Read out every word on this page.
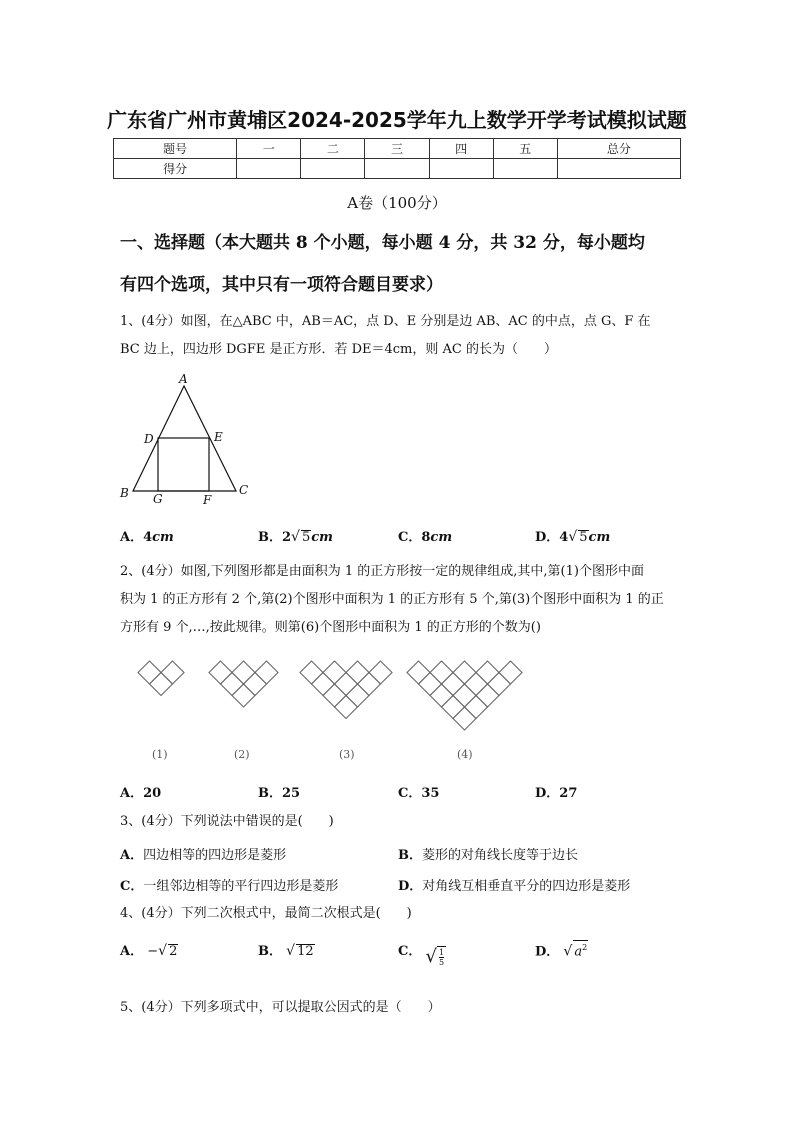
广东省广州市黄埔区2024-2025学年九上数学开学考试模拟试题
题号	一	二	三	四	五	总分
得分						
A卷（100分）
一、选择题（本大题共 8 个小题，每小题 4 分，共 32 分，每小题均
有四个选项，其中只有一项符合题目要求）
1、(4分）如图，在△ABC 中，AB＝AC，点 D、E 分别是边 AB、AC 的中点，点 G、F 在
BC 边上，四边形 DGFE 是正方形．若 DE＝4cm，则 AC 的长为（　　）
A
B	C
D	E
F
G
A．4cm	B．2√ 5cm	C．8cm	D．4√ 5cm
2、(4分）如图,下列图形都是由面积为 1 的正方形按一定的规律组成,其中,第(1)个图形中面
积为 1 的正方形有 2 个,第(2)个图形中面积为 1 的正方形有 5 个,第(3)个图形中面积为 1 的正
方形有 9 个,…,按此规律。则第(6)个图形中面积为 1 的正方形的个数为()
(1)	(2)	(3)	(4)
A．20	B．25	C．35	D．27
3、(4分）下列说法中错误的是(　　)
A．四边相等的四边形是菱形	B．菱形的对角线长度等于边长
C．一组邻边相等的平行四边形是菱形	D．对角线互相垂直平分的四边形是菱形
4、(4分）下列二次根式中，最简二次根式是(　　)
A． −√ 2	B． √ 12	C． √ $\frac{1}{5}$	D． √ $a^2$
5、(4分）下列多项式中，可以提取公因式的是（　　）
